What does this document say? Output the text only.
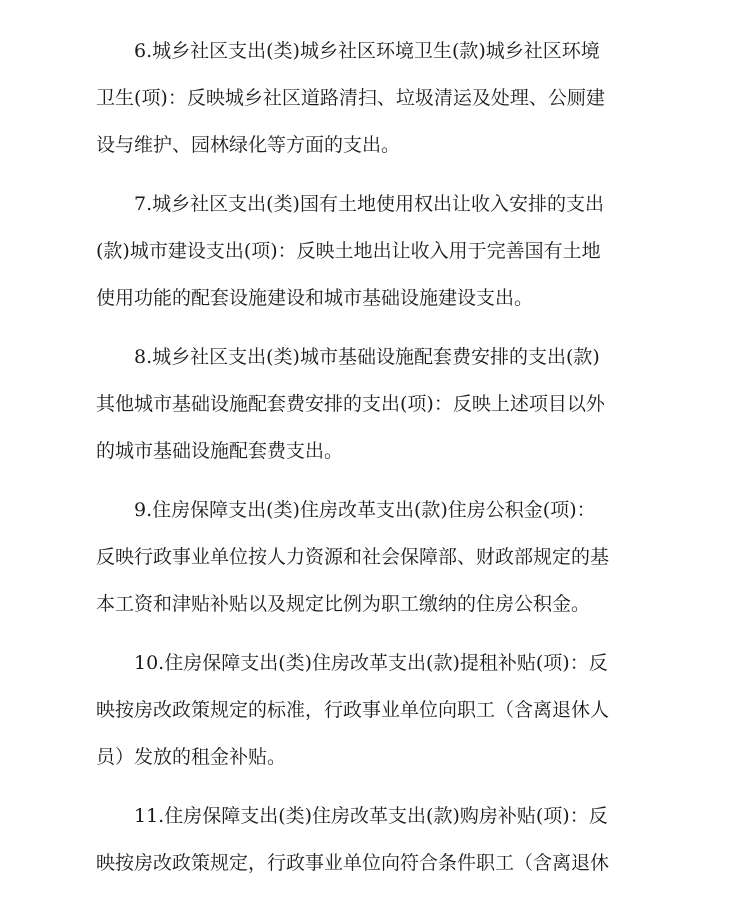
6.城乡社区支出(类)城乡社区环境卫生(款)城乡社区环境
卫生(项)：反映城乡社区道路清扫、垃圾清运及处理、公厕建
设与维护、园林绿化等方面的支出。

7.城乡社区支出(类)国有土地使用权出让收入安排的支出
(款)城市建设支出(项)：反映土地出让收入用于完善国有土地
使用功能的配套设施建设和城市基础设施建设支出。

8.城乡社区支出(类)城市基础设施配套费安排的支出(款)
其他城市基础设施配套费安排的支出(项)：反映上述项目以外
的城市基础设施配套费支出。

9.住房保障支出(类)住房改革支出(款)住房公积金(项)：
反映行政事业单位按人力资源和社会保障部、财政部规定的基
本工资和津贴补贴以及规定比例为职工缴纳的住房公积金。

10.住房保障支出(类)住房改革支出(款)提租补贴(项)：反
映按房改政策规定的标准，行政事业单位向职工（含离退休人
员）发放的租金补贴。

11.住房保障支出(类)住房改革支出(款)购房补贴(项)：反
映按房改政策规定，行政事业单位向符合条件职工（含离退休
